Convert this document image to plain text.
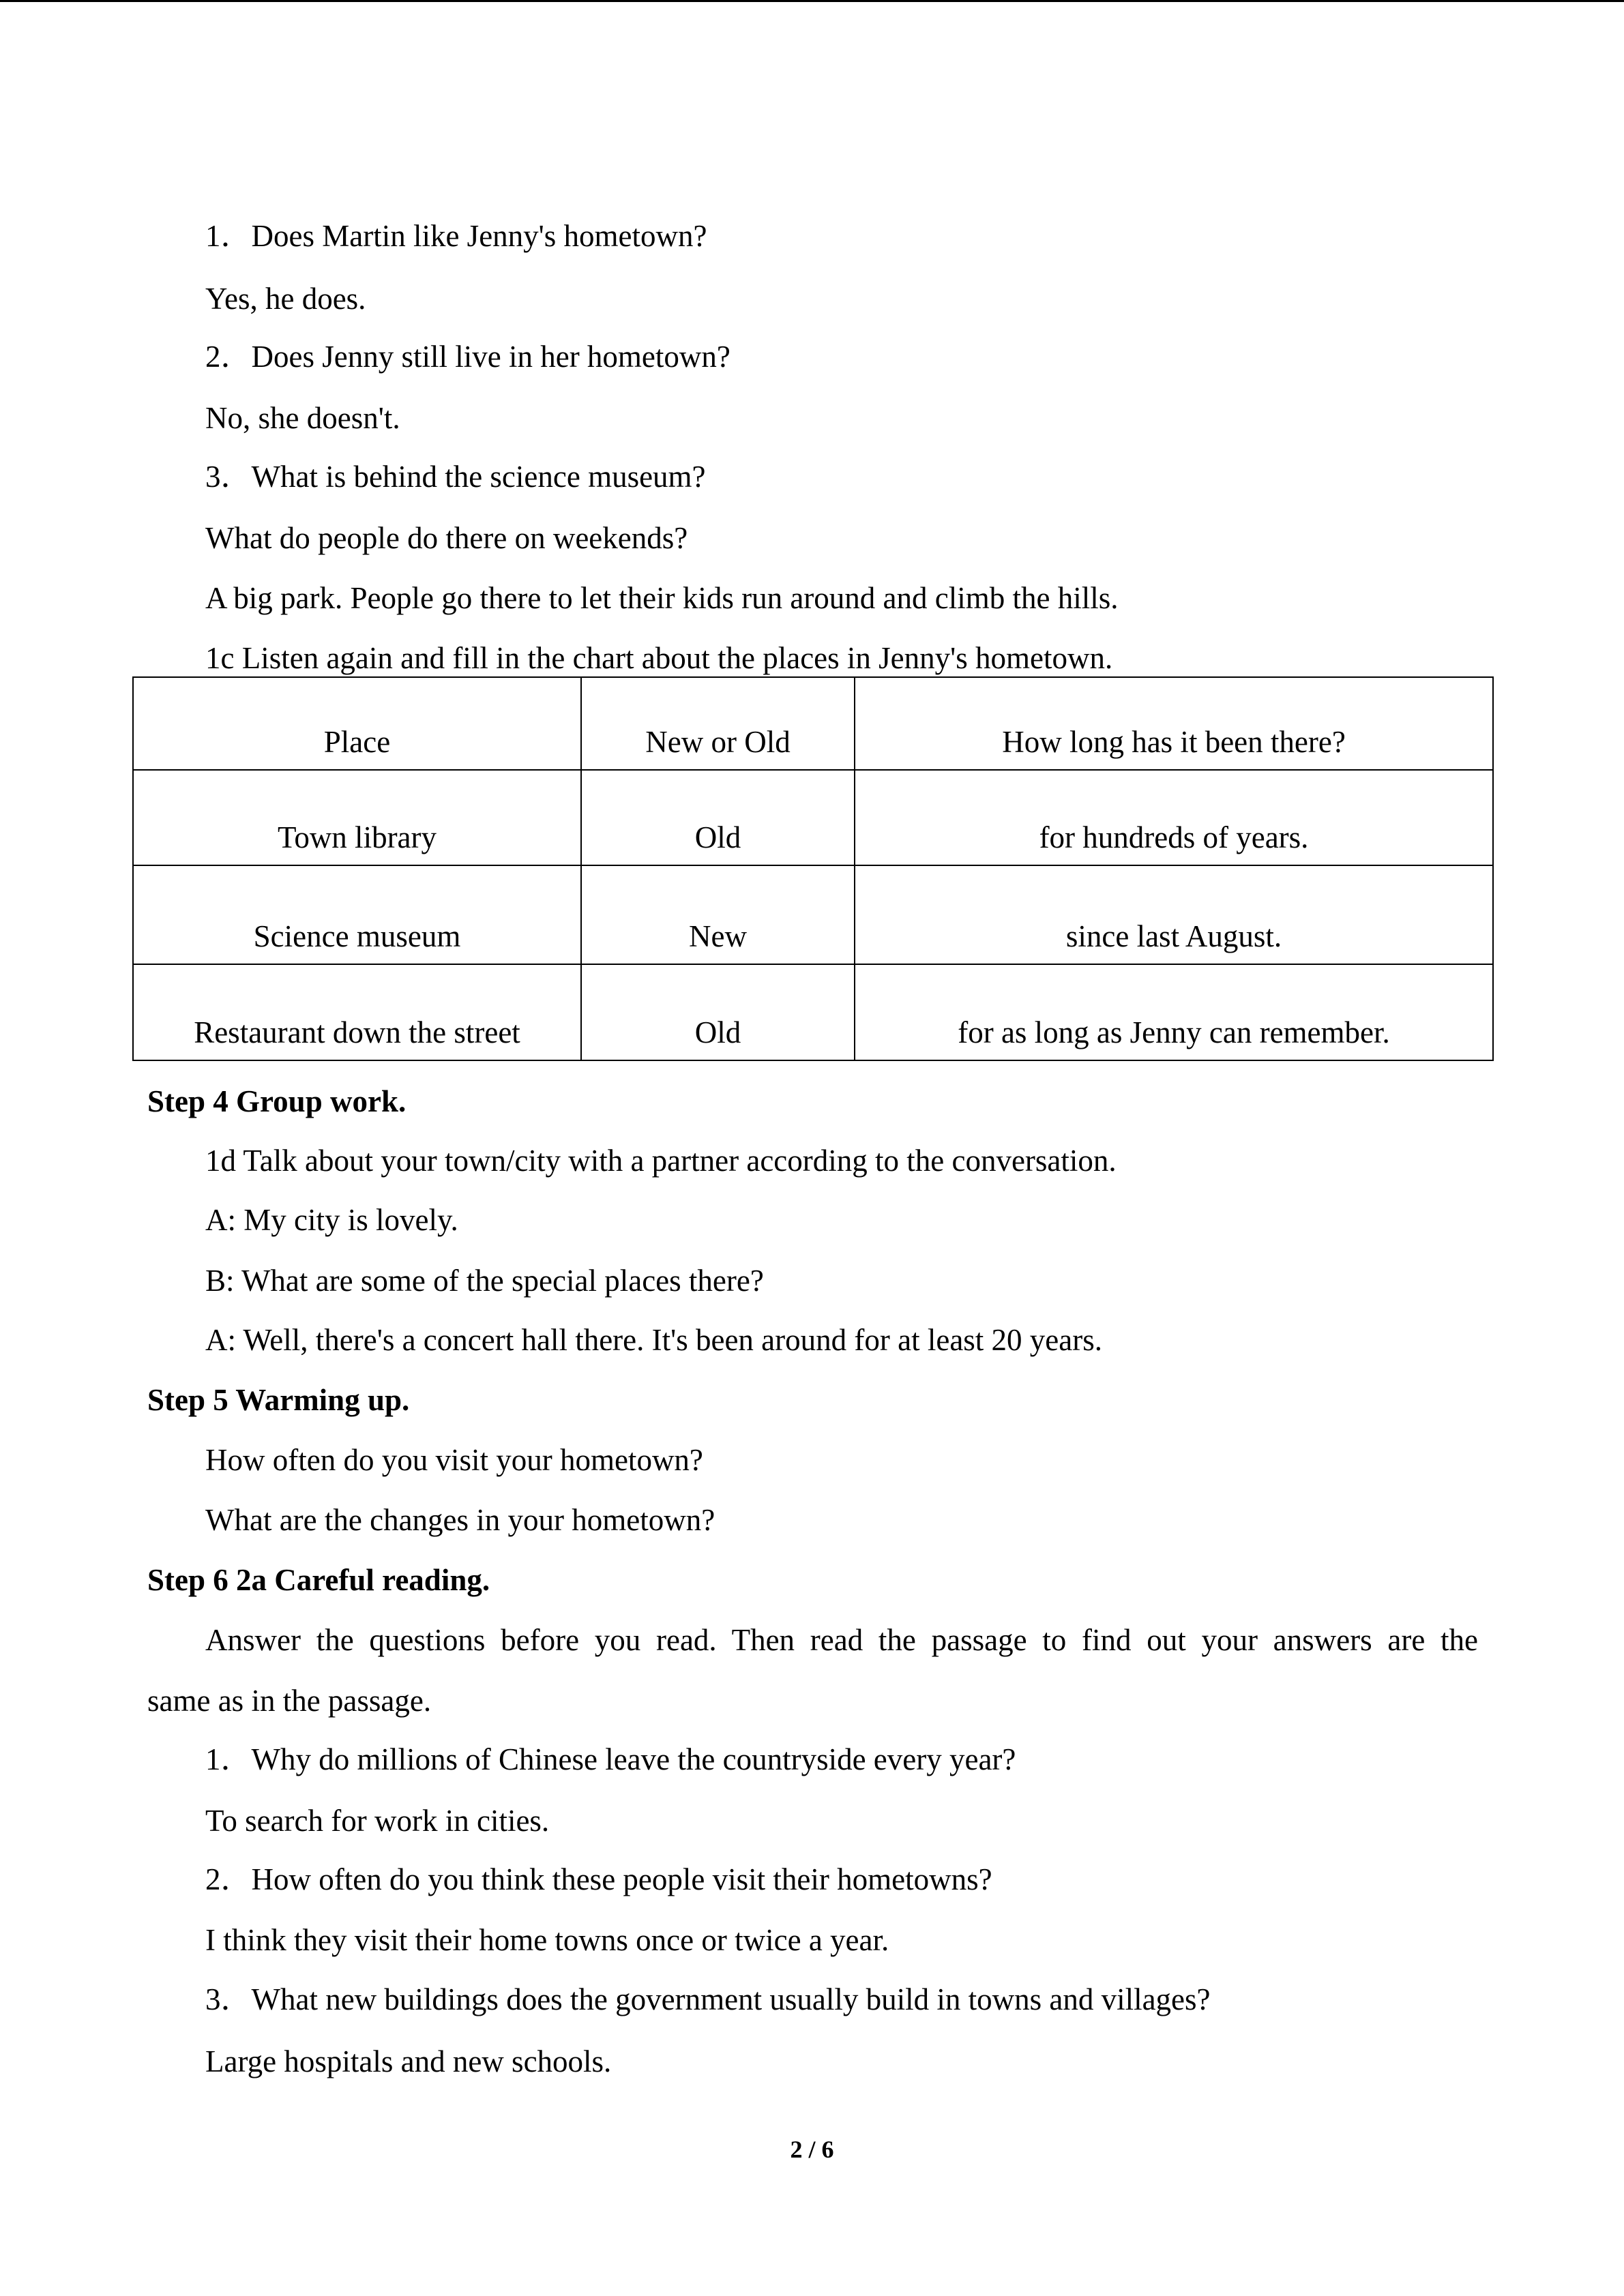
1．Does Martin like Jenny's hometown?
Yes, he does.
2．Does Jenny still live in her hometown?
No, she doesn't.
3．What is behind the science museum?
What do people do there on weekends?
A big park. People go there to let their kids run around and climb the hills.
1c Listen again and fill in the chart about the places in Jenny's hometown.
Place	New or Old	How long has it been there?
Town library	Old	for hundreds of years.
Science museum	New	since last August.
Restaurant down the street	Old	for as long as Jenny can remember.
Step 4 Group work.
1d Talk about your town/city with a partner according to the conversation.
A: My city is lovely.
B: What are some of the special places there?
A: Well, there's a concert hall there. It's been around for at least 20 years.
Step 5 Warming up.
How often do you visit your hometown?
What are the changes in your hometown?
Step 6 2a Careful reading.
Answer the questions before you read. Then read the passage to find out your answers are the
same as in the passage.
1．Why do millions of Chinese leave the countryside every year?
To search for work in cities.
2．How often do you think these people visit their hometowns?
I think they visit their home towns once or twice a year.
3．What new buildings does the government usually build in towns and villages?
Large hospitals and new schools.
2 / 6
